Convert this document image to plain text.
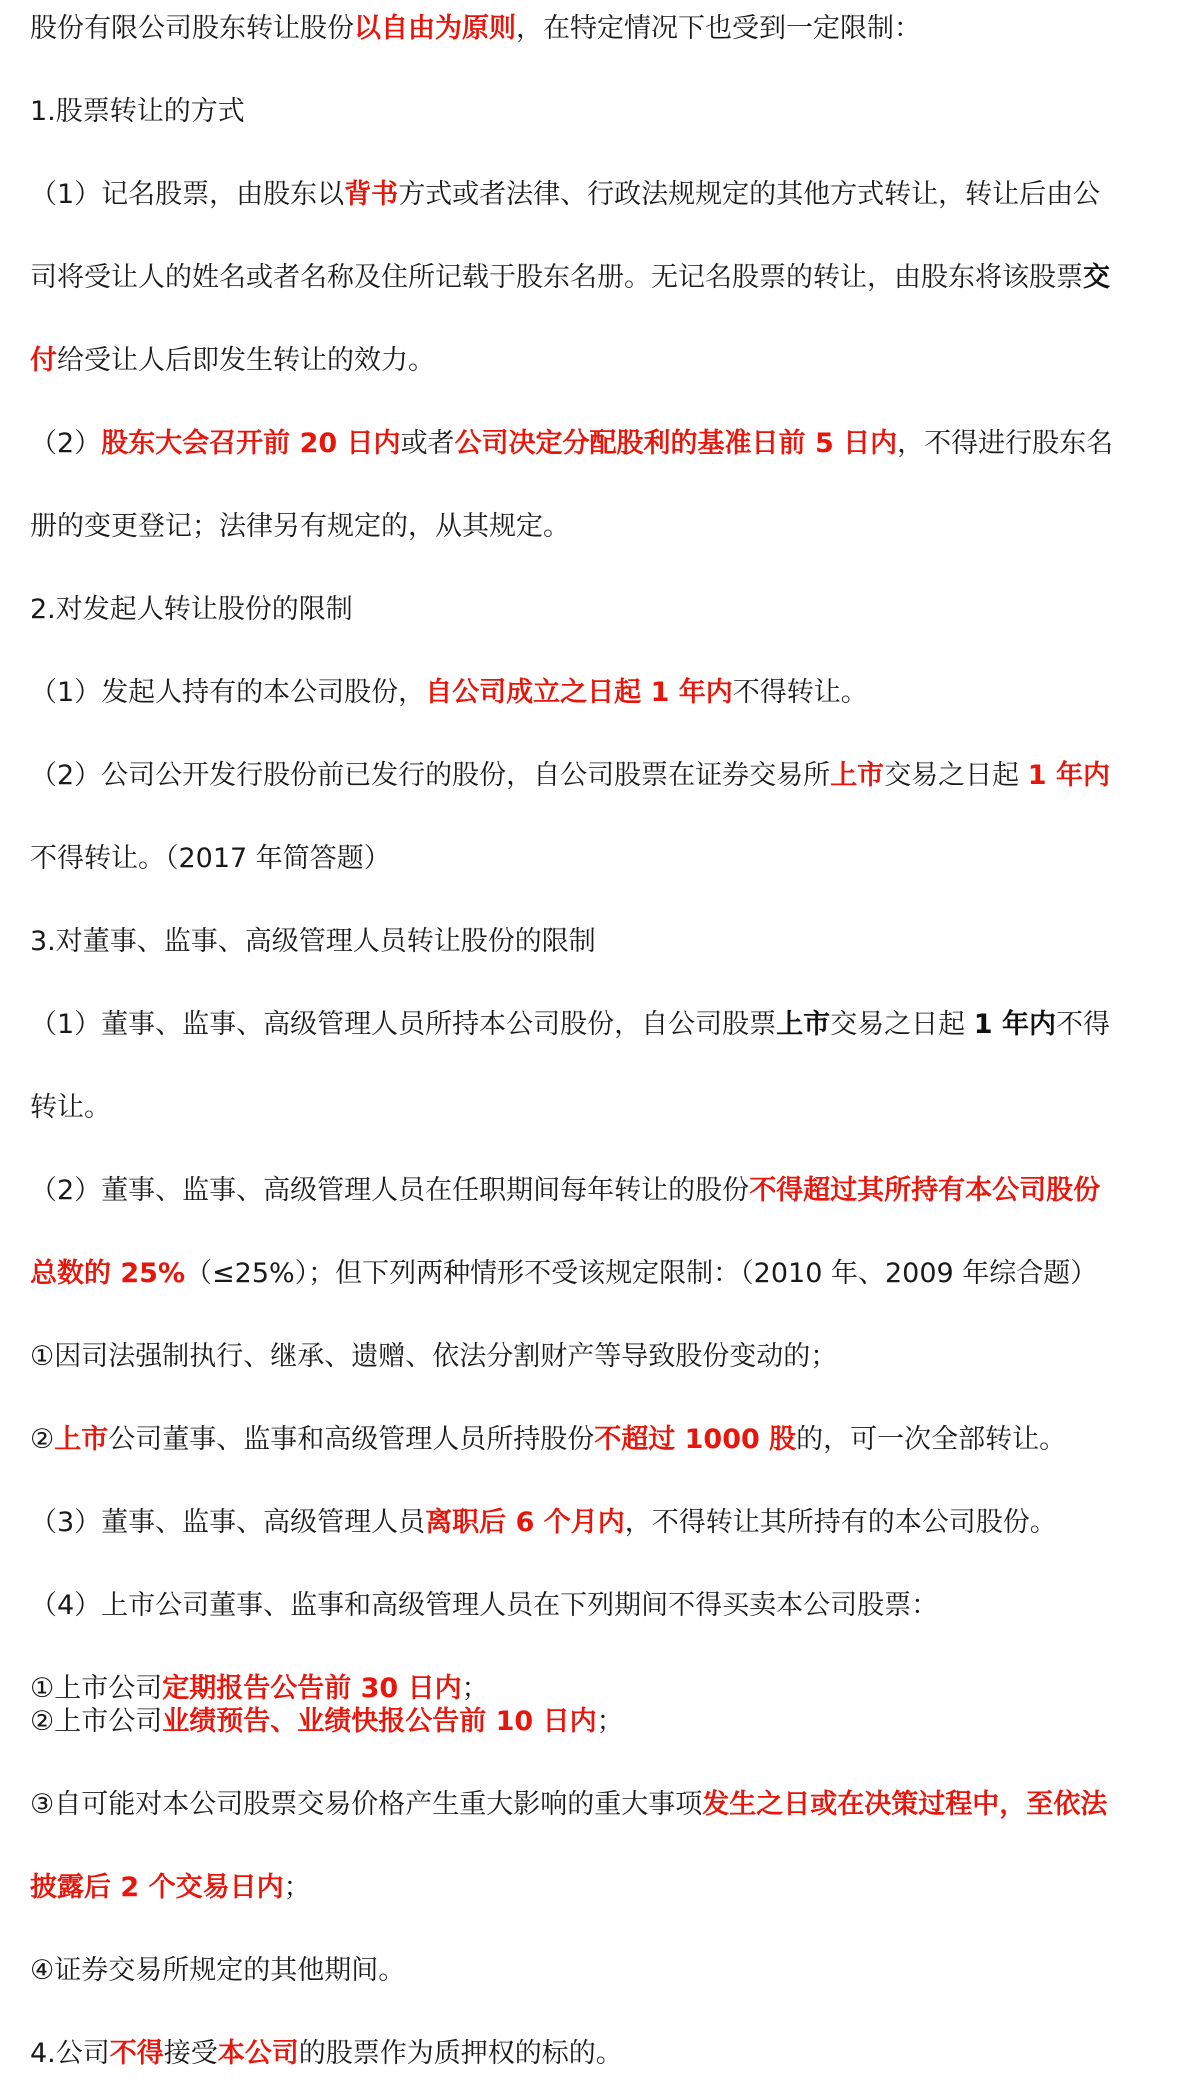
股份有限公司股东转让股份以自由为原则，在特定情况下也受到一定限制：
1.股票转让的方式
（1）记名股票，由股东以背书方式或者法律、行政法规规定的其他方式转让，转让后由公
司将受让人的姓名或者名称及住所记载于股东名册。无记名股票的转让，由股东将该股票交
付给受让人后即发生转让的效力。
（2）股东大会召开前 20 日内或者公司决定分配股利的基准日前 5 日内，不得进行股东名
册的变更登记；法律另有规定的，从其规定。
2.对发起人转让股份的限制
（1）发起人持有的本公司股份，自公司成立之日起 1 年内不得转让。
（2）公司公开发行股份前已发行的股份，自公司股票在证券交易所上市交易之日起 1 年内
不得转让。（2017 年简答题）
3.对董事、监事、高级管理人员转让股份的限制
（1）董事、监事、高级管理人员所持本公司股份，自公司股票上市交易之日起 1 年内不得
转让。
（2）董事、监事、高级管理人员在任职期间每年转让的股份不得超过其所持有本公司股份
总数的 25%（≤25%）；但下列两种情形不受该规定限制：（2010 年、2009 年综合题）
①因司法强制执行、继承、遗赠、依法分割财产等导致股份变动的；
②上市公司董事、监事和高级管理人员所持股份不超过 1000 股的，可一次全部转让。
（3）董事、监事、高级管理人员离职后 6 个月内，不得转让其所持有的本公司股份。
（4）上市公司董事、监事和高级管理人员在下列期间不得买卖本公司股票：
①上市公司定期报告公告前 30 日内；
②上市公司业绩预告、业绩快报公告前 10 日内；
③自可能对本公司股票交易价格产生重大影响的重大事项发生之日或在决策过程中，至依法
披露后 2 个交易日内；
④证券交易所规定的其他期间。
4.公司不得接受本公司的股票作为质押权的标的。
